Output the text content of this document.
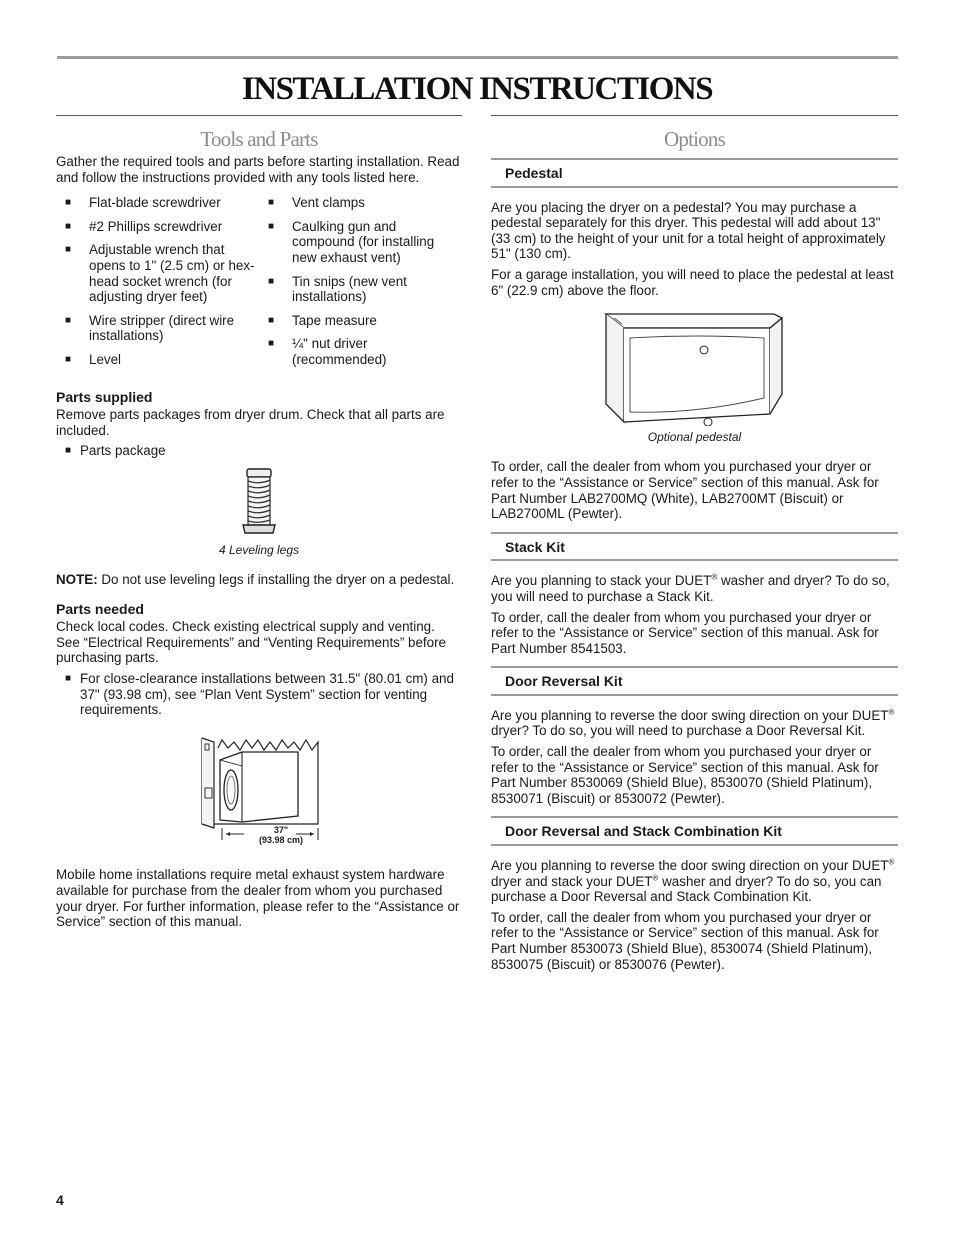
INSTALLATION INSTRUCTIONS
Tools and Parts

Gather the required tools and parts before starting installation. Read and follow the instructions provided with any tools listed here.

■ Flat-blade screwdriver
■ #2 Phillips screwdriver
■ Adjustable wrench that opens to 1" (2.5 cm) or hex-head socket wrench (for adjusting dryer feet)
■ Wire stripper (direct wire installations)
■ Level
■ Vent clamps
■ Caulking gun and compound (for installing new exhaust vent)
■ Tin snips (new vent installations)
■ Tape measure
■ ¼" nut driver (recommended)
Parts supplied

Remove parts packages from dryer drum. Check that all parts are included.

■ Parts package
4 Leveling legs

NOTE: Do not use leveling legs if installing the dryer on a pedestal.

Parts needed

Check local codes. Check existing electrical supply and venting. See “Electrical Requirements” and “Venting Requirements” before purchasing parts.

■ For close-clearance installations between 31.5" (80.01 cm) and 37" (93.98 cm), see “Plan Vent System” section for venting requirements.
37"
(93.98 cm)

Mobile home installations require metal exhaust system hardware available for purchase from the dealer from whom you purchased your dryer. For further information, please refer to the “Assistance or Service” section of this manual.

Options
Pedestal

Are you placing the dryer on a pedestal? You may purchase a pedestal separately for this dryer. This pedestal will add about 13" (33 cm) to the height of your unit for a total height of approximately 51" (130 cm).

For a garage installation, you will need to place the pedestal at least 6" (22.9 cm) above the floor.

Optional pedestal

To order, call the dealer from whom you purchased your dryer or refer to the “Assistance or Service” section of this manual. Ask for Part Number LAB2700MQ (White), LAB2700MT (Biscuit) or LAB2700ML (Pewter).

Stack Kit

Are you planning to stack your DUET® washer and dryer? To do so, you will need to purchase a Stack Kit.

To order, call the dealer from whom you purchased your dryer or refer to the “Assistance or Service” section of this manual. Ask for Part Number 8541503.

Door Reversal Kit

Are you planning to reverse the door swing direction on your DUET® dryer? To do so, you will need to purchase a Door Reversal Kit.

To order, call the dealer from whom you purchased your dryer or refer to the “Assistance or Service” section of this manual. Ask for Part Number 8530069 (Shield Blue), 8530070 (Shield Platinum), 8530071 (Biscuit) or 8530072 (Pewter).

Door Reversal and Stack Combination Kit

Are you planning to reverse the door swing direction on your DUET® dryer and stack your DUET® washer and dryer? To do so, you can purchase a Door Reversal and Stack Combination Kit.

To order, call the dealer from whom you purchased your dryer or refer to the “Assistance or Service” section of this manual. Ask for Part Number 8530073 (Shield Blue), 8530074 (Shield Platinum), 8530075 (Biscuit) or 8530076 (Pewter).

4
